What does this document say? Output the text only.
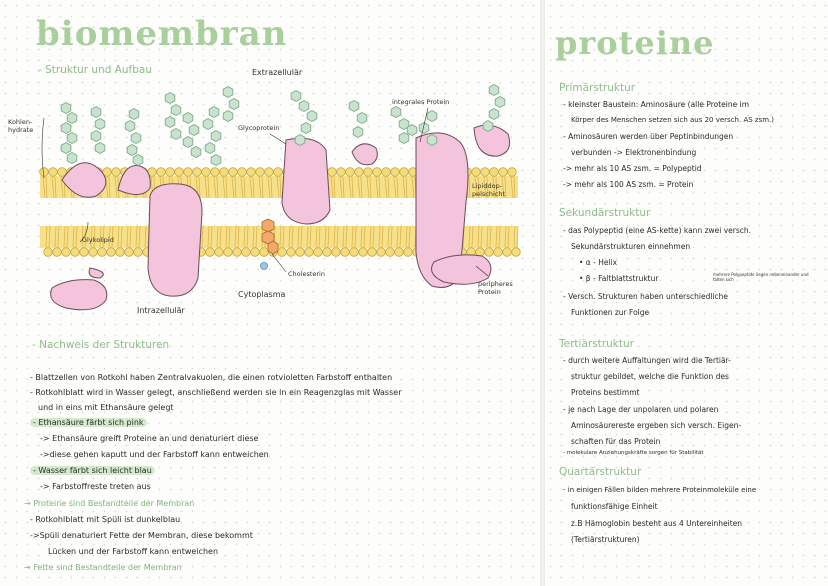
biomembran
- Struktur und Aufbau	Extrazellulär
Kohlen-
hydrate
integrales Protein
Glycoprotein
Glykolipid
Lipiddop-
pelschicht
Cholesterin
peripheres
Protein
Cytoplasma
Intrazellulär
- Nachweis der Strukturen
- Blattzellen von Rotkohl haben Zentralvakuolen, die einen rotvioletten Farbstoff enthalten
- Rotkohlblatt wird in Wasser gelegt, anschließend werden sie in ein Reagenzglas mit Wasser
und in eins mit Ethansäure gelegt
- Ethansäure färbt sich pink
-> Ethansäure greift Proteine an und denaturiert diese
->diese gehen kaputt und der Farbstoff kann entweichen
- Wasser färbt sich leicht blau
-> Farbstoffreste treten aus
→ Proteine sind Bestandteile der Membran
- Rotkohlblatt mit Spüli ist dunkelblau
->Spüli denaturiert Fette der Membran, diese bekommt
Lücken und der Farbstoff kann entweichen
→ Fette sind Bestandteile der Membran
proteine
Primärstruktur
- kleinster Baustein: Aminosäure (alle Proteine im
Körper des Menschen setzen sich aus 20 versch. AS zsm.)
- Aminosäuren werden über Peptinbindungen
verbunden -> Elektronenbindung
-> mehr als 10 AS zsm. = Polypeptid
-> mehr als 100 AS zsm. = Protein
Sekundärstruktur
- das Polypeptid (eine AS-kette) kann zwei versch.
Sekundärstrukturen einnehmen
• α - Helix
• β - Faltblattstruktur	mehrere Polypeptide liegen nebeneinander und falten sich
- Versch. Strukturen haben unterschiedliche
Funktionen zur Folge
Tertiärstruktur
- durch weitere Auffaltungen wird die Tertiär-
struktur gebildet, welche die Funktion des
Proteins bestimmt
- je nach Lage der unpolaren und polaren
Aminosäurereste ergeben sich versch. Eigen-
schaften für das Protein
- molekulare Anziehungskräfte sorgen für Stabilität
Quartärstruktur
- in einigen Fällen bilden mehrere Proteinmoleküle eine
funktionsfähige Einheit
z.B Hämoglobin besteht aus 4 Untereinheiten
(Tertiärstrukturen)
